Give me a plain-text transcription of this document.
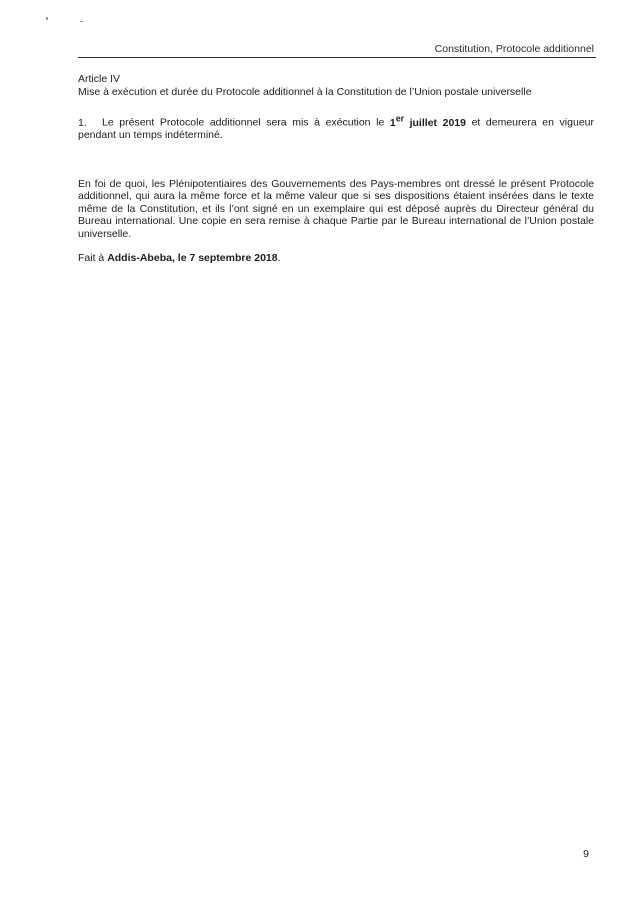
Constitution, Protocole additionnel

Article IV

Mise à exécution et durée du Protocole additionnel à la Constitution de l’Union postale universelle

1. Le présent Protocole additionnel sera mis à exécution le 1er juillet 2019 et demeurera en vigueur pendant un temps indéterminé.

En foi de quoi, les Plénipotentiaires des Gouvernements des Pays-membres ont dressé le présent Protocole additionnel, qui aura la même force et la même valeur que si ses dispositions étaient insérées dans le texte même de la Constitution, et ils l’ont signé en un exemplaire qui est déposé auprès du Directeur général du Bureau international. Une copie en sera remise à chaque Partie par le Bureau international de l’Union postale universelle.

Fait à Addis-Abeba, le 7 septembre 2018.

9
